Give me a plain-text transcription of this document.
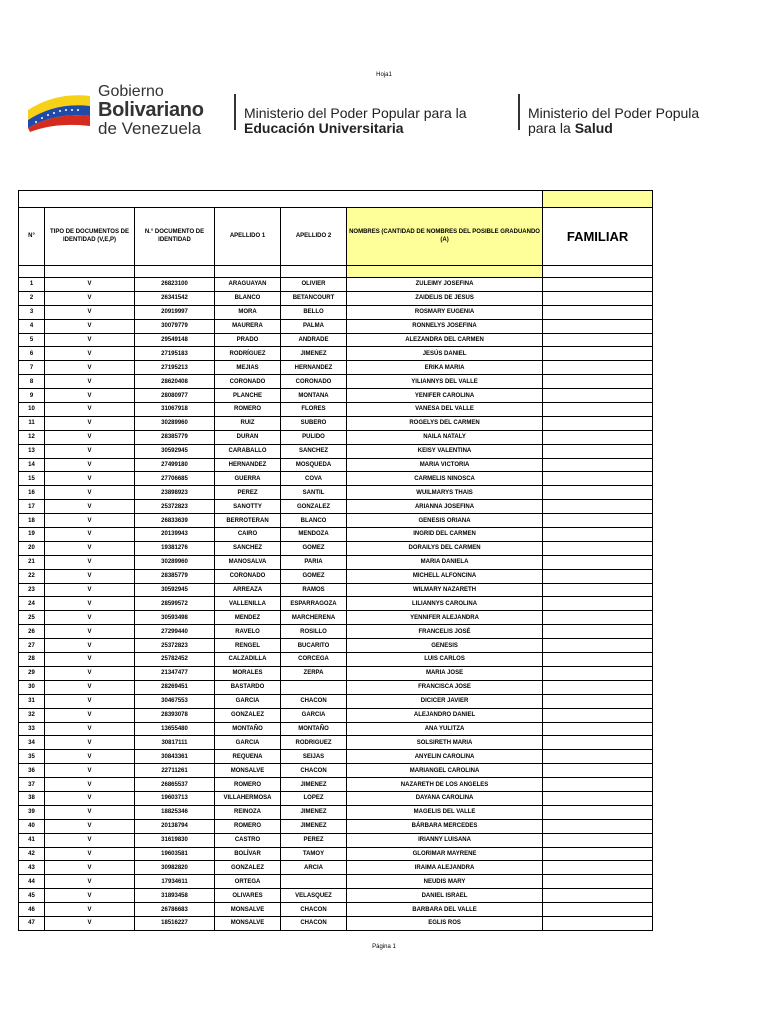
Hoja1
Gobierno
Bolivariano
de Venezuela
Ministerio del Poder Popular para la
Educación Universitaria
Ministerio del Poder Popula
para la Salud

N°	TIPO DE DOCUMENTOS DE IDENTIDAD (V,E,P)	N.° DOCUMENTO DE IDENTIDAD	APELLIDO 1	APELLIDO 2	NOMBRES (CANTIDAD DE NOMBRES DEL POSIBLE GRADUANDO (A)	FAMILIAR

1	V	26823100	ARAGUAYAN	OLIVIER	ZULEIMY JOSEFINA	
2	V	26341542	BLANCO	BETANCOURT	ZAIDELIS DE JESUS	
3	V	20919997	MORA	BELLO	ROSMARY EUGENIA	
4	V	30079779	MAURERA	PALMA	RONNELYS JOSEFINA	
5	V	29549148	PRADO	ANDRADE	ALEZANDRA DEL CARMEN	
6	V	27195183	RODRÍGUEZ	JIMENEZ	JESÚS DANIEL	
7	V	27195213	MEJIAS	HERNANDEZ	ERIKA MARIA	
8	V	28620408	CORONADO	CORONADO	YILIANNYS DEL VALLE	
9	V	28080977	PLANCHE	MONTANA	YENIFER CAROLINA	
10	V	31067918	ROMERO	FLORES	VANESA DEL VALLE	
11	V	30289960	RUIZ	SUBERO	ROGELYS DEL CARMEN	
12	V	28385779	DURAN	PULIDO	NAILA NATALY	
13	V	30592945	CARABALLO	SANCHEZ	KEISY VALENTINA	
14	V	27499180	HERNANDEZ	MOSQUEDA	MARIA VICTORIA	
15	V	27706685	GUERRA	COVA	CARMELIS NINOSCA	
16	V	23898923	PEREZ	SANTIL	WUILMARYS THAIS	
17	V	25372823	SANOTTY	GONZALEZ	ARIANNA JOSEFINA	
18	V	26833639	BERROTERAN	BLANCO	GENESIS ORIANA	
19	V	20139943	CAIRO	MENDOZA	INGRID DEL CARMEN	
20	V	19381276	SANCHEZ	GOMEZ	DORAILYS DEL CARMEN	
21	V	30289960	MANOSALVA	PARIA	MARIA DANIELA	
22	V	28385779	CORONADO	GOMEZ	MICHELL ALFONCINA	
23	V	30592945	ARREAZA	RAMOS	WILMARY NAZARETH	
24	V	28599572	VALLENILLA	ESPARRAGOZA	LILIANNYS CAROLINA	
25	V	30593498	MENDEZ	MARCHERENA	YENNIFER ALEJANDRA	
26	V	27299440	RAVELO	ROSILLO	FRANCELIS JOSÉ	
27	V	25372823	RENGEL	BUCARITO	GENESIS	
28	V	25782452	CALZADILLA	CORCEGA	LUIS CARLOS	
29	V	21347477	MORALES	ZERPA	MARIA JOSE	
30	V	28269451	BASTARDO		FRANCISCA JOSE	
31	V	30467553	GARCIA	CHACON	DICICER JAVIER	
32	V	28393078	GONZALEZ	GARCIA	ALEJANDRO DANIEL	
33	V	13655480	MONTAÑO	MONTAÑO	ANA YULITZA	
34	V	30817111	GARCIA	RODRIGUEZ	SOLSIRETH MARIA	
35	V	30843361	REQUENA	SEIJAS	ANYELIN CAROLINA	
36	V	22711261	MONSALVE	CHACON	MARIANGEL CAROLINA	
37	V	26865537	ROMERO	JIMENEZ	NAZARETH DE LOS ANGELES	
38	V	19603713	VILLAHERMOSA	LOPEZ	DAYANA CAROLINA	
39	V	18825346	REINOZA	JIMENEZ	MAGELIS DEL VALLE	
40	V	20138794	ROMERO	JIMENEZ	BÁRBARA MERCEDES	
41	V	31619830	CASTRO	PEREZ	IRIANNY LUISANA	
42	V	19603581	BOLÍVAR	TAMOY	GLORIMAR MAYRENE	
43	V	30982820	GONZALEZ	ARCIA	IRAIMA ALEJANDRA	
44	V	17934611	ORTEGA		NEUDIS MARY	
45	V	31893458	OLIVARES	VELASQUEZ	DANIEL ISRAEL	
46	V	26786683	MONSALVE	CHACON	BARBARA DEL VALLE	
47	V	18516227	MONSALVE	CHACON	EGLIS ROS	
Página 1
